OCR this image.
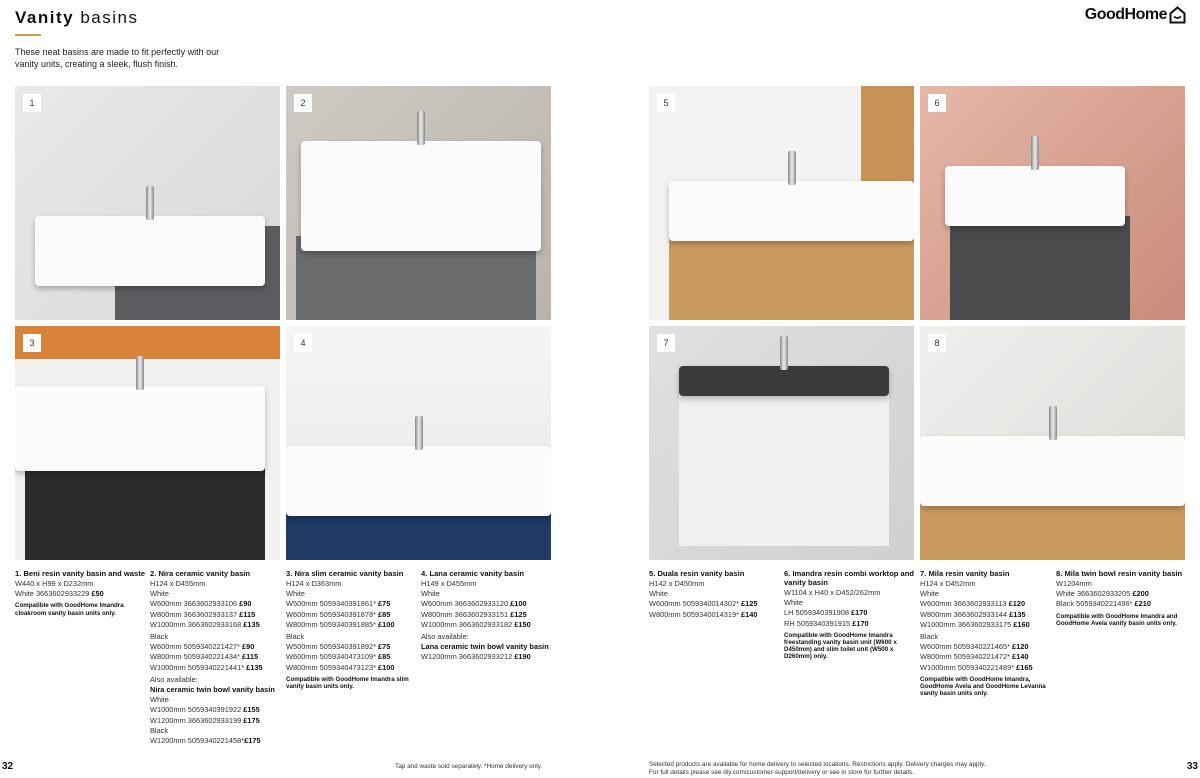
Vanity basins
These neat basins are made to fit perfectly with our vanity units, creating a sleek, flush finish.
GoodHome
1	2
3	4
5	6
7	8
1. Beni resin vanity basin and waste
W440 x H99 x D232mm
White 3663602933229 £50
Compatible with GoodHome Imandra cloakroom vanity basin units only.
2. Nira ceramic vanity basin
H124 x D455mm
White
W600mm 3663602933106 £90
W800mm 3663602933137 £115
W1000mm 3663602933168 £135
Black
W600mm 5059340221427* £90
W800mm 5059340221434* £115
W1000mm 5059340221441* £135
Also available:
Nira ceramic twin bowl vanity basin
White
W1000mm 5059340391922 £155
W1200mm 3663602933199 £175
Black
W1200mm 5059340221458*£175
3. Nira slim ceramic vanity basin
H124 x D363mm
White
W500mm 5059340391861* £75
W600mm 5059340391878* £85
W800mm 5059340391885* £100
Black
W500mm 5059340391892* £75
W600mm 5059340473109* £85
W800mm 5059340473123* £100
Compatible with GoodHome Imandra slim vanity basin units only.
4. Lana ceramic vanity basin
H149 x D455mm
White
W600mm 3663602933120 £100
W800mm 3663602933151 £125
W1000mm 3663602933182 £150
Also available:
Lana ceramic twin bowl vanity basin
W1200mm 3663602933212 £190
5. Duala resin vanity basin
H142 x D450mm
White
W600mm 5059340014302* £125
W800mm 5059340014319* £140
6. Imandra resin combi worktop and vanity basin
W1104 x H40 x D452/262mm
White
LH 5059340391908 £170
RH 5059340391915 £170
Compatible with GoodHome Imandra freestanding vanity basin unit (W600 x D450mm) and slim toilet unit (W500 x D260mm) only.
7. Mila resin vanity basin
H124 x D452mm
White
W600mm 3663602933113 £120
W800mm 3663602933144 £135
W1000mm 3663602933175 £160
Black
W600mm 5059340221465* £120
W800mm 5059340221472* £140
W1000mm 5059340221489* £165
Compatible with GoodHome Imandra, GoodHome Avela and GoodHome Levanna vanity basin units only.
8. Mila twin bowl resin vanity basin
W1204mm
White 3663602933205 £200
Black 5059340221496* £210
Compatible with GoodHome Imandra and GoodHome Avela vanity basin units only.
32	33
Tap and waste sold separately. *Home delivery only.	Selected products are available for home delivery to selected locations. Restrictions apply. Delivery charges may apply.
For full details please see diy.com/customer-support/delivery or see in store for further details.
